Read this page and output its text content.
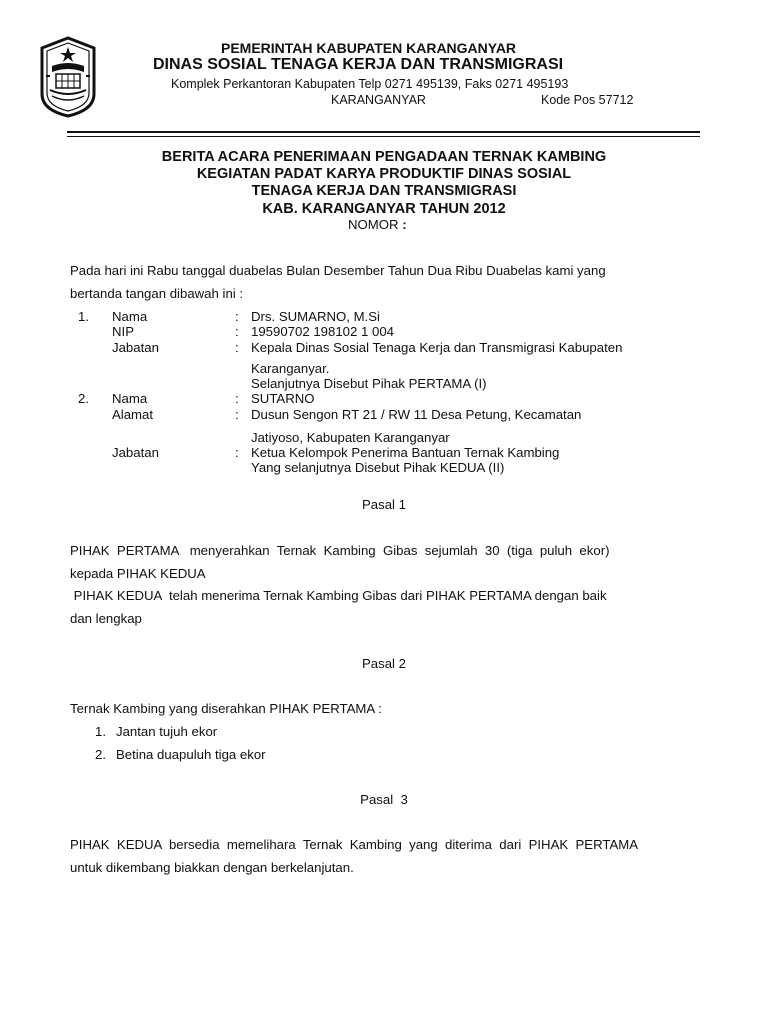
PEMERINTAH KABUPATEN KARANGANYAR
DINAS SOSIAL TENAGA KERJA DAN TRANSMIGRASI
Komplek Perkantoran Kabupaten Telp 0271 495139, Faks 0271 495193
KARANGANYAR	Kode Pos 57712
BERITA ACARA PENERIMAAN PENGADAAN TERNAK KAMBING
KEGIATAN PADAT KARYA PRODUKTIF DINAS SOSIAL
TENAGA KERJA DAN TRANSMIGRASI
KAB. KARANGANYAR TAHUN 2012
NOMOR :
Pada hari ini Rabu tanggal duabelas Bulan Desember Tahun Dua Ribu Duabelas kami yang
bertanda tangan dibawah ini :
1. Nama	: Drs. SUMARNO, M.Si
NIP	: 19590702 198102 1 004
Jabatan	: Kepala Dinas Sosial Tenaga Kerja dan Transmigrasi Kabupaten
Karanganyar.
Selanjutnya Disebut Pihak PERTAMA (I)
2. Nama	: SUTARNO
Alamat	: Dusun Sengon RT 21 / RW 11 Desa Petung, Kecamatan
Jatiyoso, Kabupaten Karanganyar
Jabatan	: Ketua Kelompok Penerima Bantuan Ternak Kambing
Yang selanjutnya Disebut Pihak KEDUA (II)
Pasal 1
PIHAK  PERTAMA   menyerahkan  Ternak  Kambing  Gibas  sejumlah  30  (tiga  puluh  ekor)
kepada PIHAK KEDUA
PIHAK KEDUA  telah menerima Ternak Kambing Gibas dari PIHAK PERTAMA dengan baik
dan lengkap
Pasal 2
Ternak Kambing yang diserahkan PIHAK PERTAMA :
1. Jantan tujuh ekor
2. Betina duapuluh tiga ekor
Pasal  3
PIHAK  KEDUA  bersedia  memelihara  Ternak  Kambing  yang  diterima  dari  PIHAK  PERTAMA
untuk dikembang biakkan dengan berkelanjutan.
